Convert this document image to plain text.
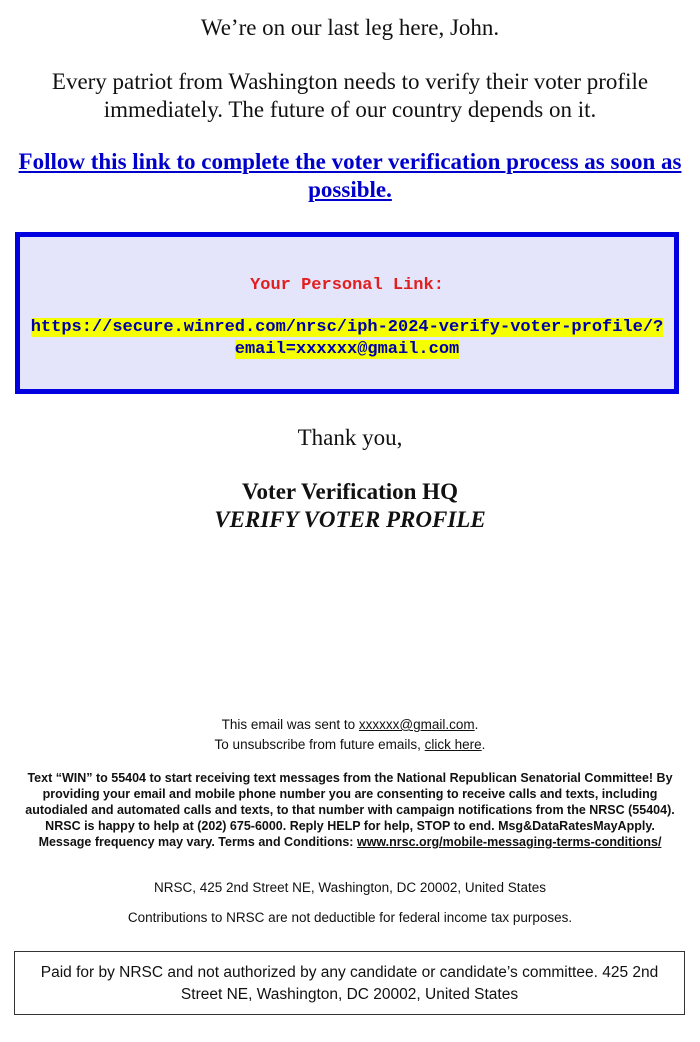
We’re on our last leg here, John.
Every patriot from Washington needs to verify their voter profile immediately. The future of our country depends on it.
Follow this link to complete the voter verification process as soon as possible.
Your Personal Link:
https://secure.winred.com/nrsc/iph-2024-verify-voter-profile/?email=xxxxxx@gmail.com
Thank you,
Voter Verification HQ
VERIFY VOTER PROFILE
This email was sent to xxxxxx@gmail.com.
To unsubscribe from future emails, click here.
Text “WIN” to 55404 to start receiving text messages from the National Republican Senatorial Committee! By providing your email and mobile phone number you are consenting to receive calls and texts, including autodialed and automated calls and texts, to that number with campaign notifications from the NRSC (55404). NRSC is happy to help at (202) 675-6000. Reply HELP for help, STOP to end. Msg&DataRatesMayApply. Message frequency may vary. Terms and Conditions: www.nrsc.org/mobile-messaging-terms-conditions/
NRSC, 425 2nd Street NE, Washington, DC 20002, United States
Contributions to NRSC are not deductible for federal income tax purposes.
Paid for by NRSC and not authorized by any candidate or candidate’s committee. 425 2nd Street NE, Washington, DC 20002, United States
